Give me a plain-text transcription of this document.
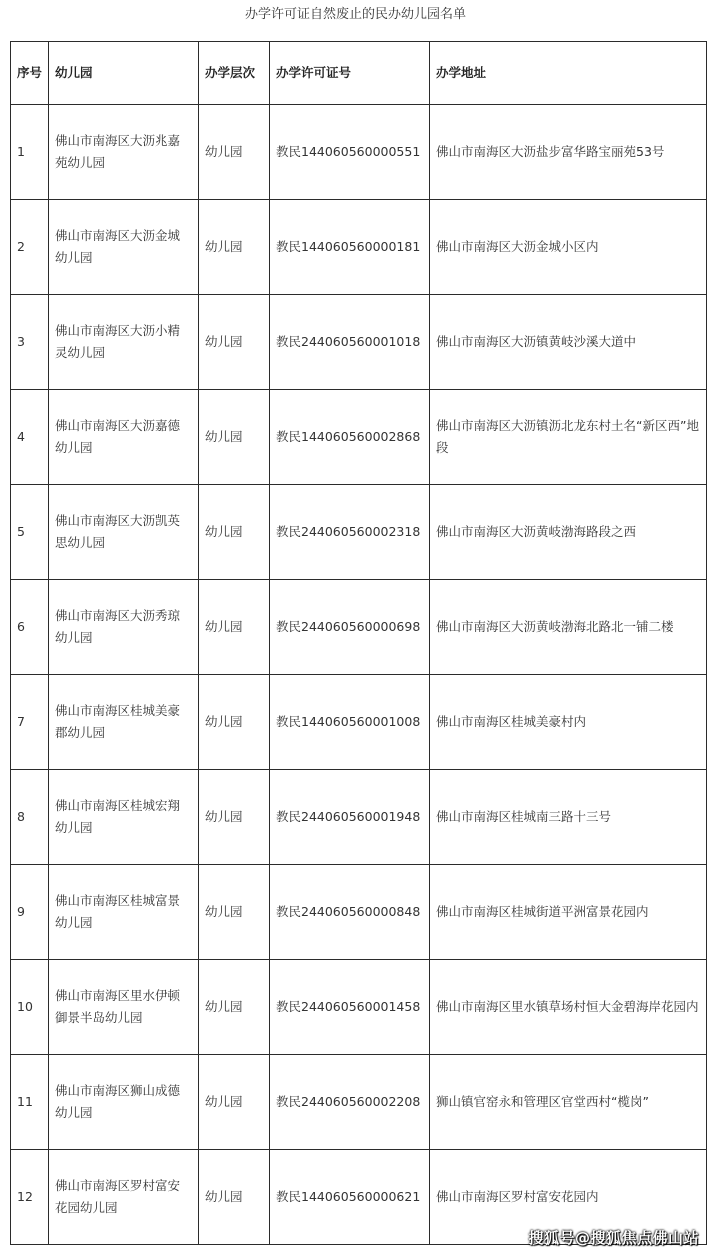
办学许可证自然废止的民办幼儿园名单
序号	幼儿园	办学层次	办学许可证号	办学地址
1	佛山市南海区大沥兆嘉苑幼儿园	幼儿园	教民144060560000551	佛山市南海区大沥盐步富华路宝丽苑53号
2	佛山市南海区大沥金城幼儿园	幼儿园	教民144060560000181	佛山市南海区大沥金城小区内
3	佛山市南海区大沥小精灵幼儿园	幼儿园	教民244060560001018	佛山市南海区大沥镇黄岐沙溪大道中
4	佛山市南海区大沥嘉德幼儿园	幼儿园	教民144060560002868	佛山市南海区大沥镇沥北龙东村土名“新区西”地段
5	佛山市南海区大沥凯英思幼儿园	幼儿园	教民244060560002318	佛山市南海区大沥黄岐渤海路段之西
6	佛山市南海区大沥秀琼幼儿园	幼儿园	教民244060560000698	佛山市南海区大沥黄岐渤海北路北一铺二楼
7	佛山市南海区桂城美豪郡幼儿园	幼儿园	教民144060560001008	佛山市南海区桂城美豪村内
8	佛山市南海区桂城宏翔幼儿园	幼儿园	教民244060560001948	佛山市南海区桂城南三路十三号
9	佛山市南海区桂城富景幼儿园	幼儿园	教民244060560000848	佛山市南海区桂城街道平洲富景花园内
10	佛山市南海区里水伊顿御景半岛幼儿园	幼儿园	教民244060560001458	佛山市南海区里水镇草场村恒大金碧海岸花园内
11	佛山市南海区狮山成德幼儿园	幼儿园	教民244060560002208	狮山镇官窑永和管理区官堂西村“榄岗”
12	佛山市南海区罗村富安花园幼儿园	幼儿园	教民144060560000621	佛山市南海区罗村富安花园内
搜狐号@搜狐焦点佛山站
